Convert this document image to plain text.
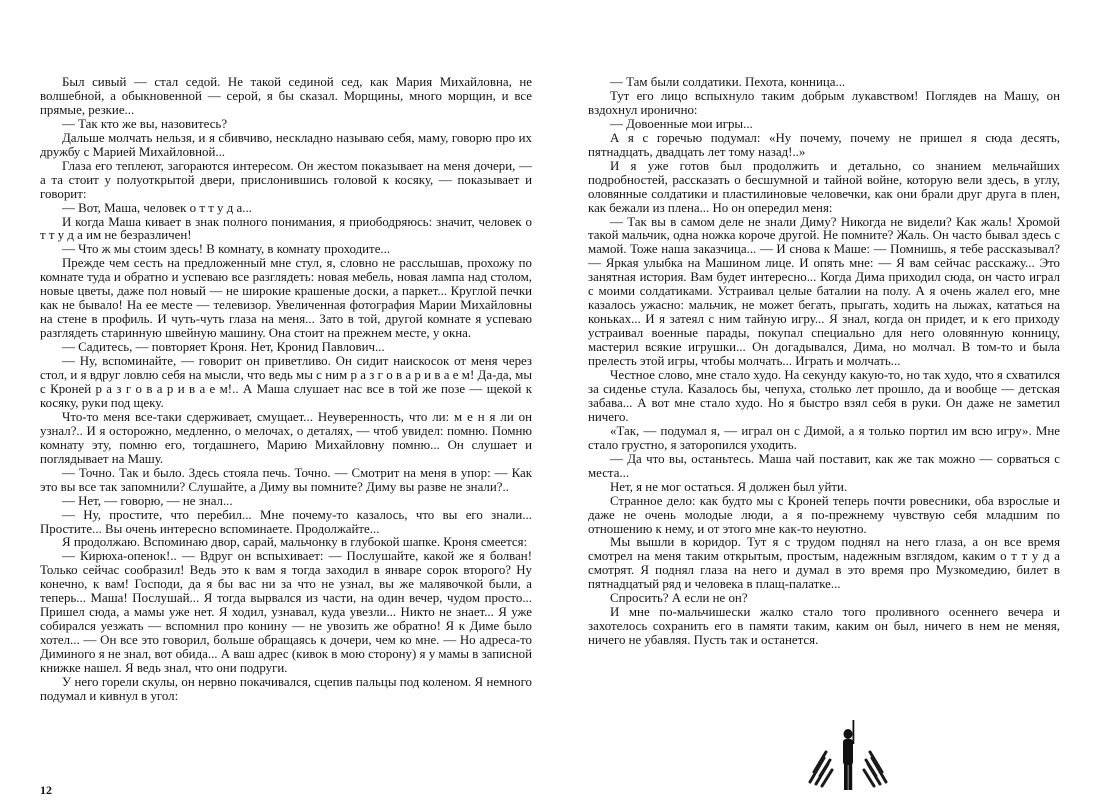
Был сивый — стал седой. Не такой сединой сед, как Мария Михайловна, не волшебной, а обыкновенной — серой, я бы сказал. Морщины, много морщин, и все прямые, резкие...

— Так кто же вы, назовитесь?

Дальше молчать нельзя, и я сбивчиво, нескладно называю себя, маму, говорю про их дружбу с Марией Михайловной...

Глаза его теплеют, загораются интересом. Он жестом показывает на меня дочери, — а та стоит у полуоткрытой двери, прислонившись головой к косяку, — показывает и говорит:

— Вот, Маша, человек о т т у д а...

И когда Маша кивает в знак полного понимания, я приободряюсь: значит, человек о т т у д а им не безразличен!

— Что ж мы стоим здесь! В комнату, в комнату проходите...

Прежде чем сесть на предложенный мне стул, я, словно не расслышав, прохожу по комнате туда и обратно и успеваю все разглядеть: новая мебель, новая лампа над столом, новые цветы, даже пол новый — не широкие крашеные доски, а паркет... Круглой печки как не бывало! На ее месте — телевизор. Увеличенная фотография Марии Михайловны на стене в профиль. И чуть-чуть глаза на меня... Зато в той, другой комнате я успеваю разглядеть старинную швейную машину. Она стоит на прежнем месте, у окна.

— Садитесь, — повторяет Кроня. Нет, Кронид Павлович...

— Ну, вспоминайте, — говорит он приветливо. Он сидит наискосок от меня через стол, и я вдруг ловлю себя на мысли, что ведь мы с ним р а з г о в а р и в а е м! Да-да, мы с Кроней р а з г о в а р и в а е м!.. А Маша слушает нас все в той же позе — щекой к косяку, руки под щеку.

Что-то меня все-таки сдерживает, смущает... Неуверенность, что ли: м е н я ли он узнал?.. И я осторожно, медленно, о мелочах, о деталях, — чтоб увидел: помню. Помню комнату эту, помню его, тогдашнего, Марию Михайловну помню... Он слушает и поглядывает на Машу.

— Точно. Так и было. Здесь стояла печь. Точно. — Смотрит на меня в упор: — Как это вы все так запомнили? Слушайте, а Диму вы помните? Диму вы разве не знали?..

— Нет, — говорю, — не знал...

— Ну, простите, что перебил... Мне почему-то казалось, что вы его знали... Простите... Вы очень интересно вспоминаете. Продолжайте...

Я продолжаю. Вспоминаю двор, сарай, мальчонку в глубокой шапке. Кроня смеется:

— Кирюха-опенок!.. — Вдруг он вспыхивает: — Послушайте, какой же я болван! Только сейчас сообразил! Ведь это к вам я тогда заходил в январе сорок второго? Ну конечно, к вам! Господи, да я бы вас ни за что не узнал, вы же малявочкой были, а теперь... Маша! Послушай... Я тогда вырвался из части, на один вечер, чудом просто... Пришел сюда, а мамы уже нет. Я ходил, узнавал, куда увезли... Никто не знает... Я уже собирался уезжать — вспомнил про конину — не увозить же обратно! Я к Диме было хотел... — Он все это говорил, больше обращаясь к дочери, чем ко мне. — Но адреса-то Диминого я не знал, вот обида... А ваш адрес (кивок в мою сторону) я у мамы в записной книжке нашел. Я ведь знал, что они подруги.

У него горели скулы, он нервно покачивался, сцепив пальцы под коленом. Я немного подумал и кивнул в угол:

12

— Там были солдатики. Пехота, конница...

Тут его лицо вспыхнуло таким добрым лукавством! Поглядев на Машу, он вздохнул иронично:

— Довоенные мои игры...

А я с горечью подумал: «Ну почему, почему не пришел я сюда десять, пятнадцать, двадцать лет тому назад!..»

И я уже готов был продолжить и детально, со знанием мельчайших подробностей, рассказать о бесшумной и тайной войне, которую вели здесь, в углу, оловянные солдатики и пластилиновые человечки, как они брали друг друга в плен, как бежали из плена... Но он опередил меня:

— Так вы в самом деле не знали Диму? Никогда не видели? Как жаль! Хромой такой мальчик, одна ножка короче другой. Не помните? Жаль. Он часто бывал здесь с мамой. Тоже наша заказчица... — И снова к Маше: — Помнишь, я тебе рассказывал? — Яркая улыбка на Машином лице. И опять мне: — Я вам сейчас расскажу... Это занятная история. Вам будет интересно... Когда Дима приходил сюда, он часто играл с моими солдатиками. Устраивал целые баталии на полу. А я очень жалел его, мне казалось ужасно: мальчик, не может бегать, прыгать, ходить на лыжах, кататься на коньках... И я затеял с ним тайную игру... Я знал, когда он придет, и к его приходу устраивал военные парады, покупал специально для него оловянную конницу, мастерил всякие игрушки... Он догадывался, Дима, но молчал. В том-то и была прелесть этой игры, чтобы молчать... Играть и молчать...

Честное слово, мне стало худо. На секунду какую-то, но так худо, что я схватился за сиденье стула. Казалось бы, чепуха, столько лет прошло, да и вообще — детская забава... А вот мне стало худо. Но я быстро взял себя в руки. Он даже не заметил ничего.

«Так, — подумал я, — играл он с Димой, а я только портил им всю игру». Мне стало грустно, я заторопился уходить.

— Да что вы, останьтесь. Маша чай поставит, как же так можно — сорваться с места...

Нет, я не мог остаться. Я должен был уйти.

Странное дело: как будто мы с Кроней теперь почти ровесники, оба взрослые и даже не очень молодые люди, а я по-прежнему чувствую себя младшим по отношению к нему, и от этого мне как-то неуютно.

Мы вышли в коридор. Тут я с трудом поднял на него глаза, а он все время смотрел на меня таким открытым, простым, надежным взглядом, каким о т т у д а смотрят. Я поднял глаза на него и думал в это время про Музкомедию, билет в пятнадцатый ряд и человека в плащ-палатке...

Спросить? А если не он?

И мне по-мальчишески жалко стало того проливного осеннего вечера и захотелось сохранить его в памяти таким, каким он был, ничего в нем не меняя, ничего не убавляя. Пусть так и останется.
